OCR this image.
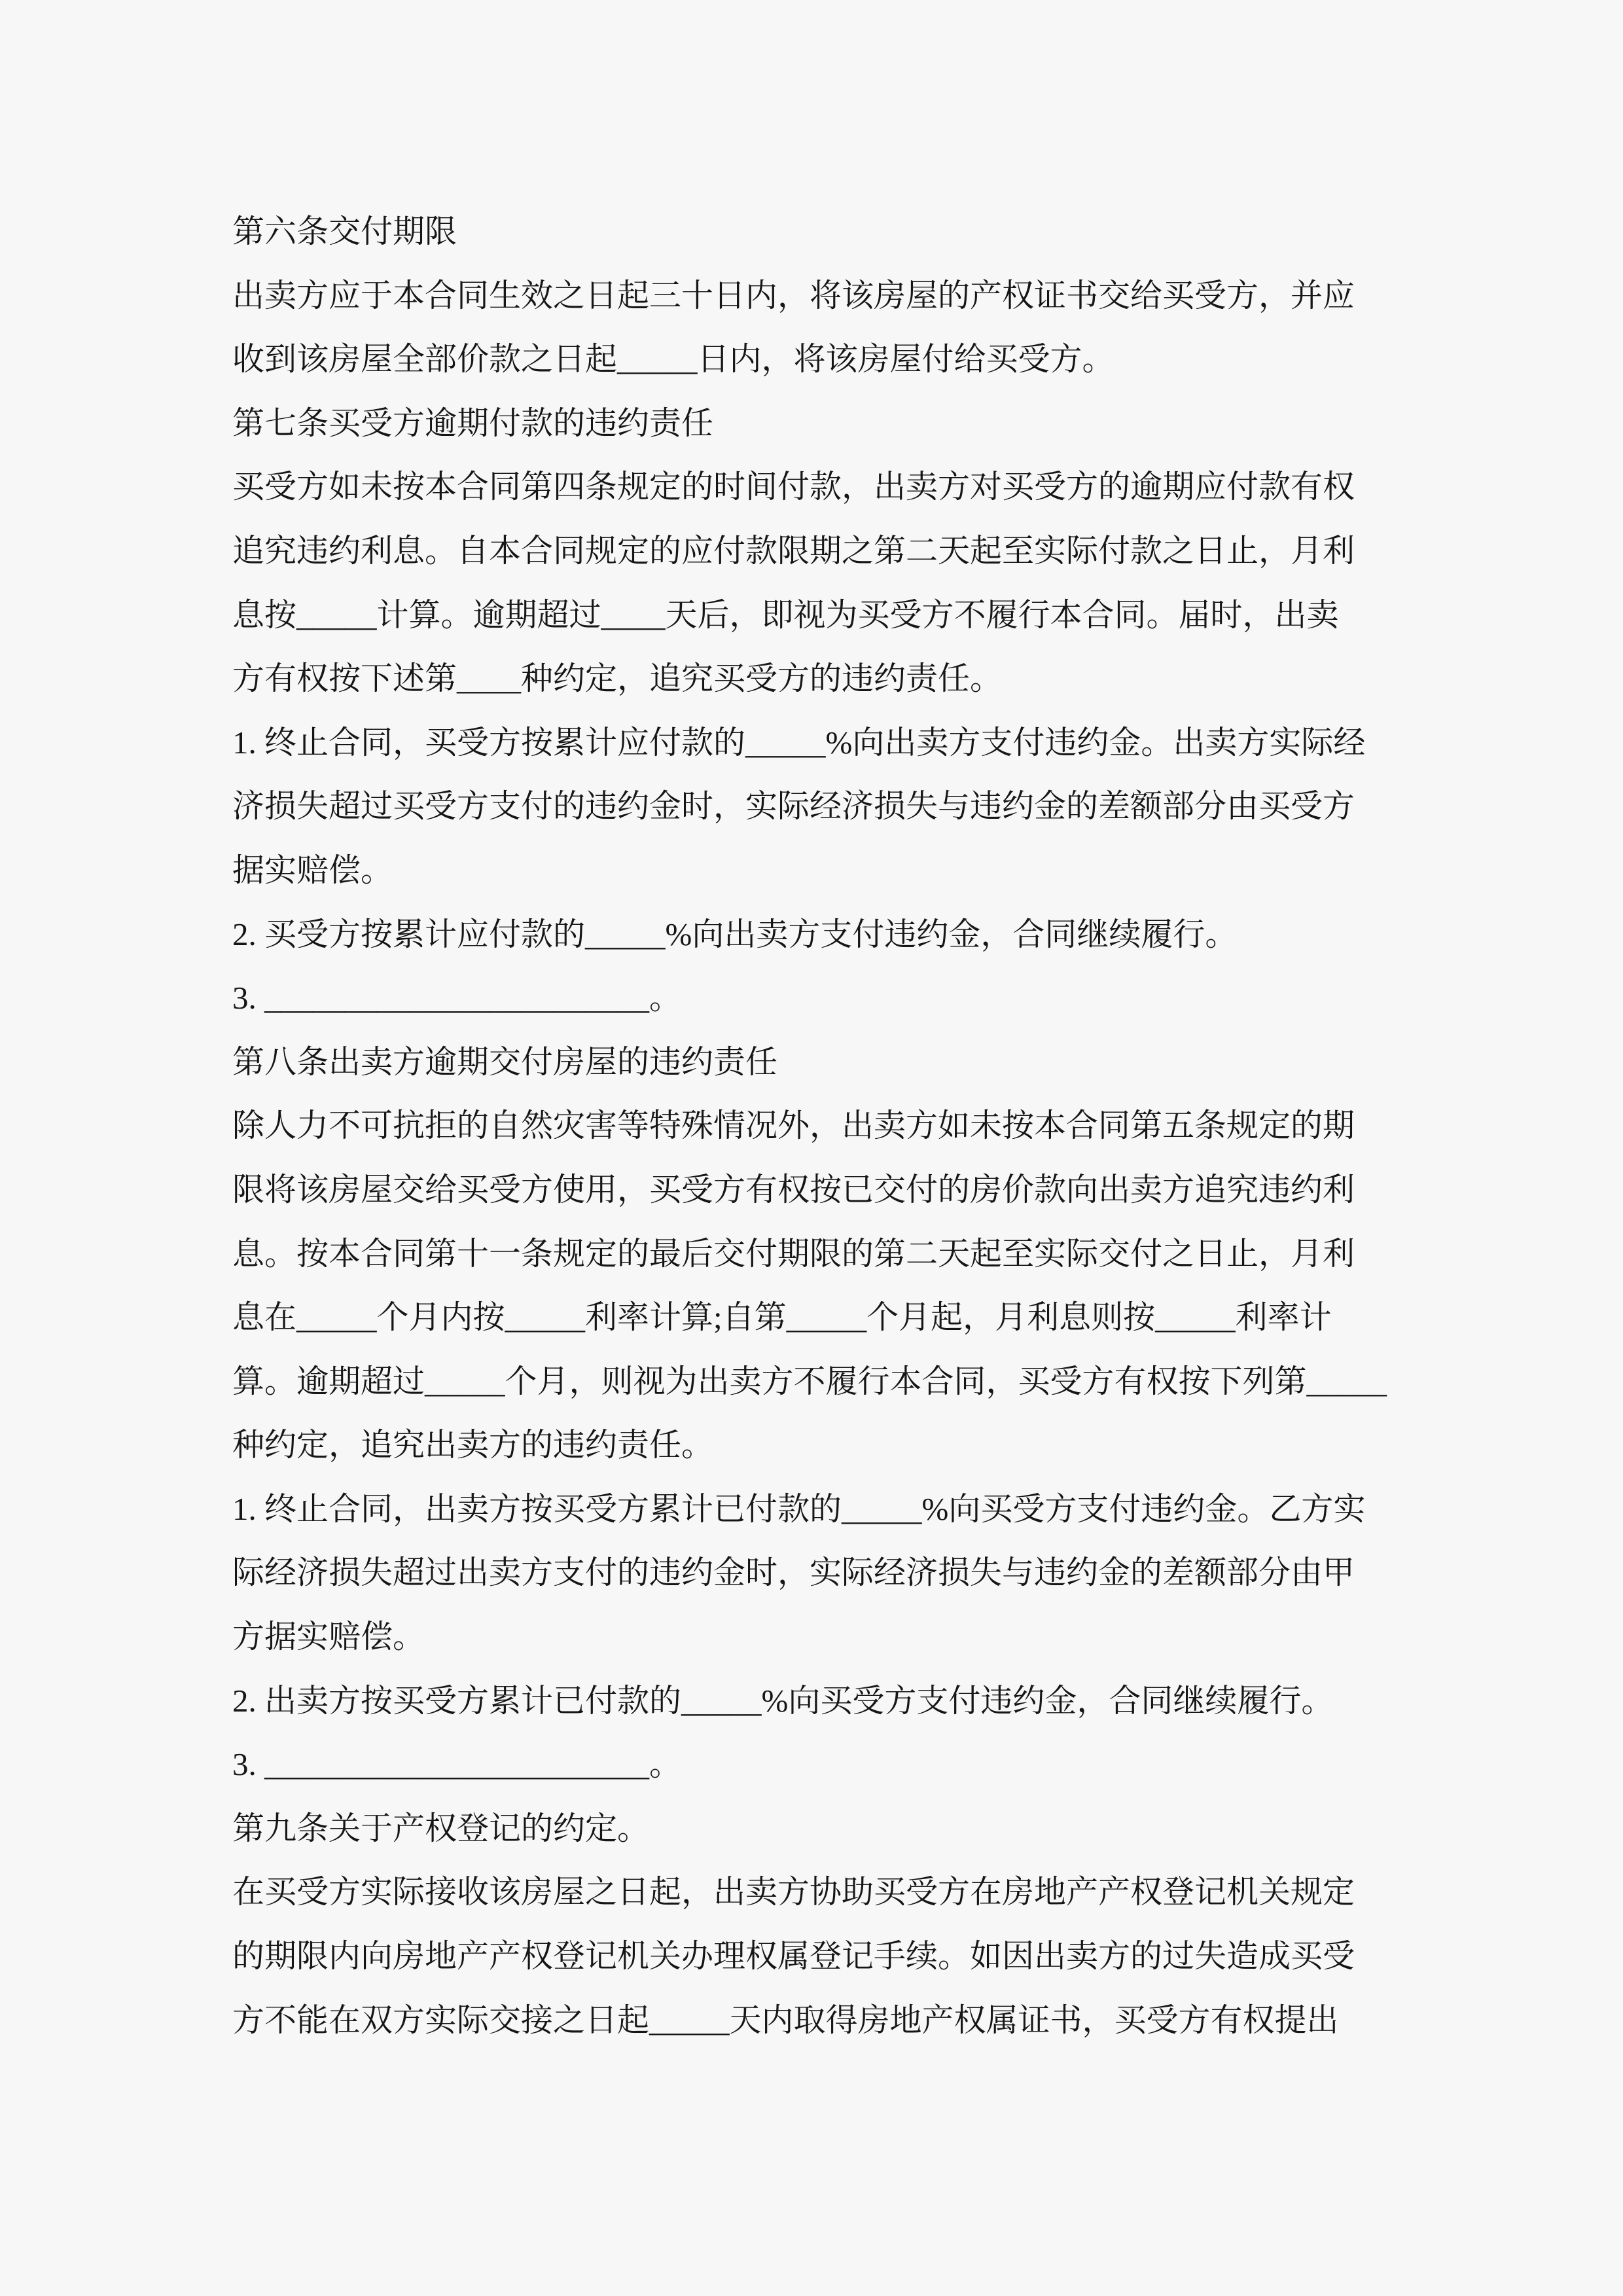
第六条交付期限
出卖方应于本合同生效之日起三十日内，将该房屋的产权证书交给买受方，并应
收到该房屋全部价款之日起_____日内，将该房屋付给买受方。
第七条买受方逾期付款的违约责任
买受方如未按本合同第四条规定的时间付款，出卖方对买受方的逾期应付款有权
追究违约利息。自本合同规定的应付款限期之第二天起至实际付款之日止，月利
息按_____计算。逾期超过____天后，即视为买受方不履行本合同。届时，出卖
方有权按下述第____种约定，追究买受方的违约责任。
1. 终止合同，买受方按累计应付款的_____%向出卖方支付违约金。出卖方实际经
济损失超过买受方支付的违约金时，实际经济损失与违约金的差额部分由买受方
据实赔偿。
2. 买受方按累计应付款的_____%向出卖方支付违约金，合同继续履行。
3. ________________________。
第八条出卖方逾期交付房屋的违约责任
除人力不可抗拒的自然灾害等特殊情况外，出卖方如未按本合同第五条规定的期
限将该房屋交给买受方使用，买受方有权按已交付的房价款向出卖方追究违约利
息。按本合同第十一条规定的最后交付期限的第二天起至实际交付之日止，月利
息在_____个月内按_____利率计算;自第_____个月起，月利息则按_____利率计
算。逾期超过_____个月，则视为出卖方不履行本合同，买受方有权按下列第_____
种约定，追究出卖方的违约责任。
1. 终止合同，出卖方按买受方累计已付款的_____%向买受方支付违约金。乙方实
际经济损失超过出卖方支付的违约金时，实际经济损失与违约金的差额部分由甲
方据实赔偿。
2. 出卖方按买受方累计已付款的_____%向买受方支付违约金，合同继续履行。
3. ________________________。
第九条关于产权登记的约定。
在买受方实际接收该房屋之日起，出卖方协助买受方在房地产产权登记机关规定
的期限内向房地产产权登记机关办理权属登记手续。如因出卖方的过失造成买受
方不能在双方实际交接之日起_____天内取得房地产权属证书，买受方有权提出
